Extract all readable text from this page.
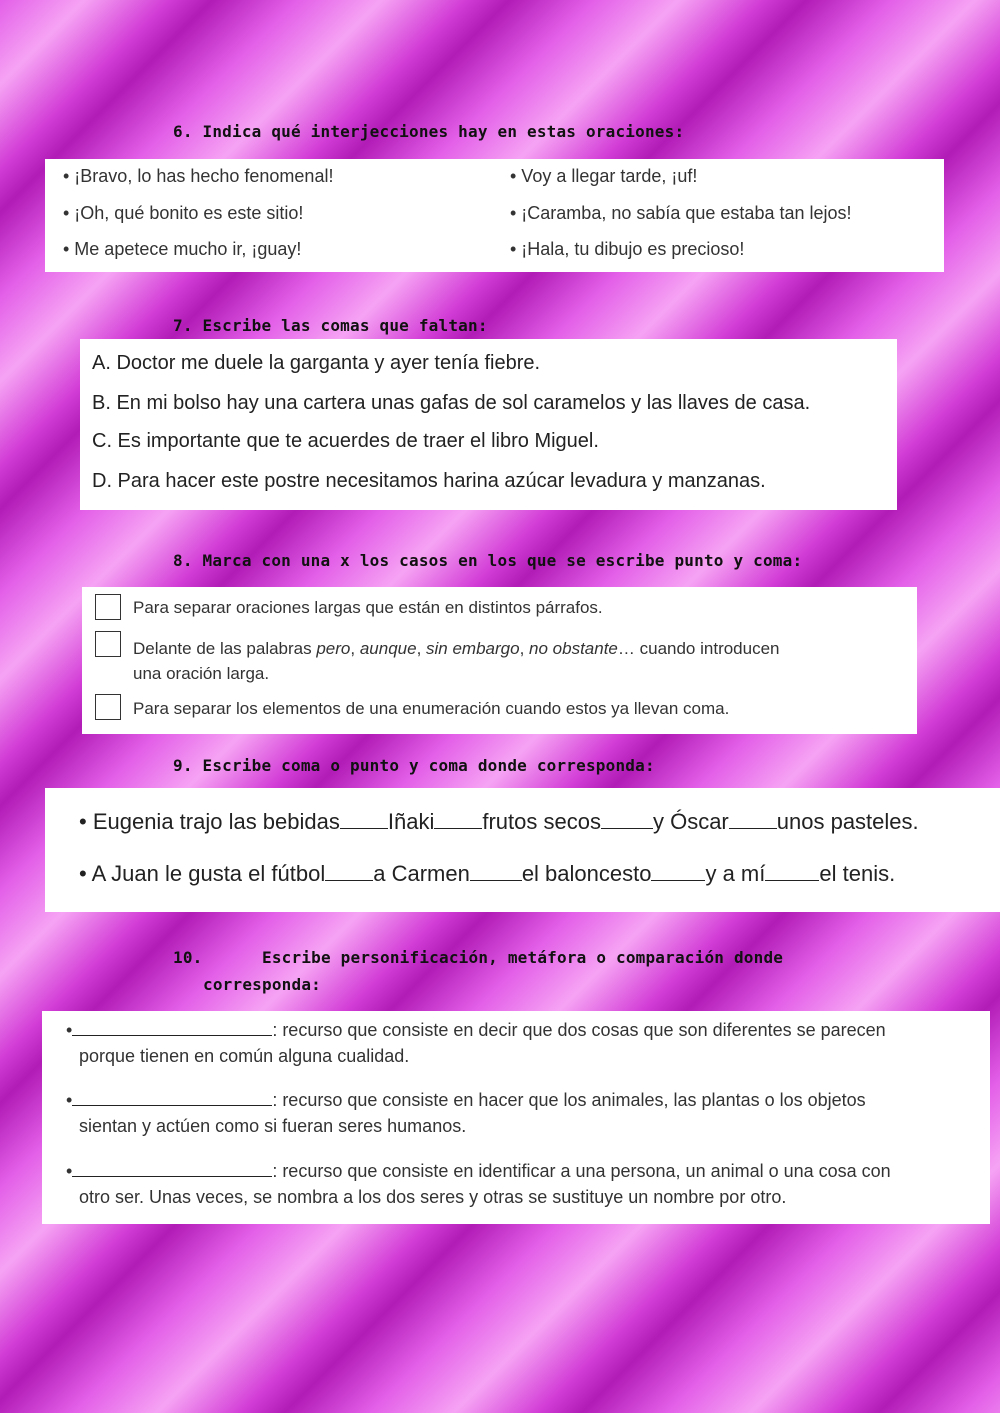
6. Indica qué interjecciones hay en estas oraciones:
• ¡Bravo, lo has hecho fenomenal!
• ¡Oh, qué bonito es este sitio!
• Me apetece mucho ir, ¡guay!
• Voy a llegar tarde, ¡uf!
• ¡Caramba, no sabía que estaba tan lejos!
• ¡Hala, tu dibujo es precioso!
7. Escribe las comas que faltan:
A. Doctor me duele la garganta y ayer tenía fiebre.
B. En mi bolso hay una cartera unas gafas de sol caramelos y las llaves de casa.
C. Es importante que te acuerdes de traer el libro Miguel.
D. Para hacer este postre necesitamos harina azúcar levadura y manzanas.
8. Marca con una x los casos en los que se escribe punto y coma:
Para separar oraciones largas que están en distintos párrafos.
Delante de las palabras pero, aunque, sin embargo, no obstante… cuando introducen
una oración larga.
Para separar los elementos de una enumeración cuando estos ya llevan coma.
9. Escribe coma o punto y coma donde corresponda:
• Eugenia trajo las bebidas Iñaki frutos secos y Óscar unos pasteles.
• A Juan le gusta el fútbol a Carmen el baloncesto y a mí el tenis.
10.	Escribe personificación, metáfora o comparación donde
corresponda:
•	: recurso que consiste en decir que dos cosas que son diferentes se parecen
porque tienen en común alguna cualidad.
•	: recurso que consiste en hacer que los animales, las plantas o los objetos
sientan y actúen como si fueran seres humanos.
•	: recurso que consiste en identificar a una persona, un animal o una cosa con
otro ser. Unas veces, se nombra a los dos seres y otras se sustituye un nombre por otro.
